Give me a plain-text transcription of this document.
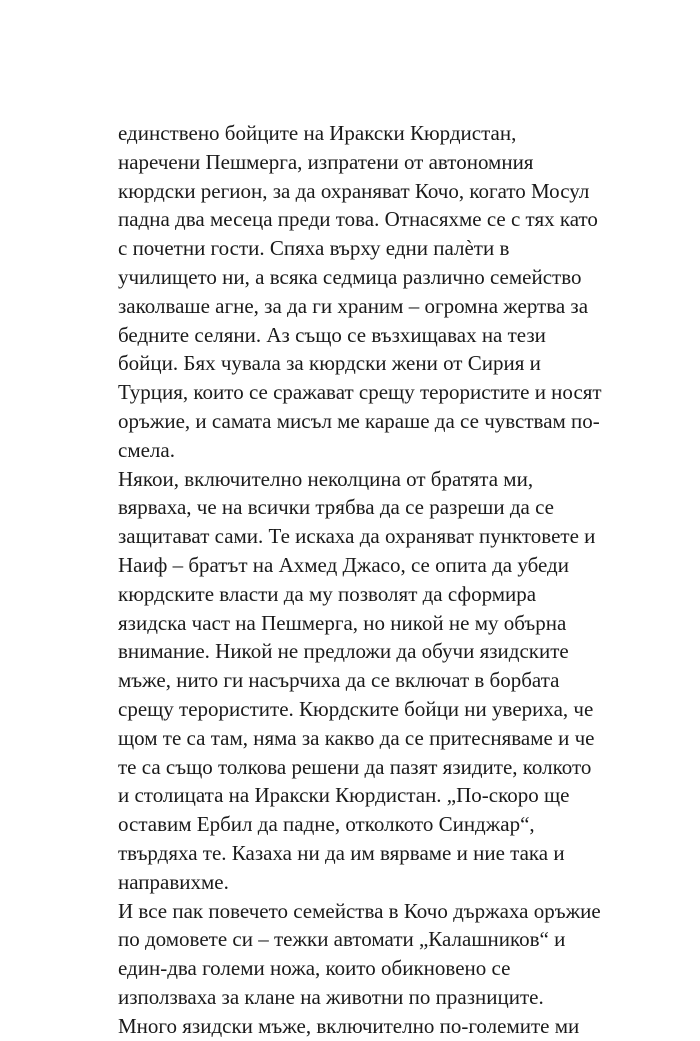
единствено бойците на Иракски Кюрдистан,
наречени Пешмерга, изпратени от автономния
кюрдски регион, за да охраняват Кочо, когато Мосул
падна два месеца преди това. Отнасяхме се с тях като
с почетни гости. Спяха върху едни палѐти в
училището ни, а всяка седмица различно семейство
заколваше агне, за да ги храним – огромна жертва за
бедните селяни. Аз също се възхищавах на тези
бойци. Бях чувала за кюрдски жени от Сирия и
Турция, които се сражават срещу терористите и носят
оръжие, и самата мисъл ме караше да се чувствам по-
смела.
Някои, включително неколцина от братята ми,
вярваха, че на всички трябва да се разреши да се
защитават сами. Те искаха да охраняват пунктовете и
Наиф – братът на Ахмед Джасо, се опита да убеди
кюрдските власти да му позволят да сформира
язидска част на Пешмерга, но никой не му обърна
внимание. Никой не предложи да обучи язидските
мъже, нито ги насърчиха да се включат в борбата
срещу терористите. Кюрдските бойци ни увериха, че
щом те са там, няма за какво да се притесняваме и че
те са също толкова решени да пазят язидите, колкото
и столицата на Иракски Кюрдистан. „По-скоро ще
оставим Ербил да падне, отколкото Синджар“,
твърдяха те. Казаха ни да им вярваме и ние така и
направихме.
И все пак повечето семейства в Кочо държаха оръжие
по домовете си – тежки автомати „Калашников“ и
един-два големи ножа, които обикновено се
използваха за клане на животни по празниците.
Много язидски мъже, включително по-големите ми
